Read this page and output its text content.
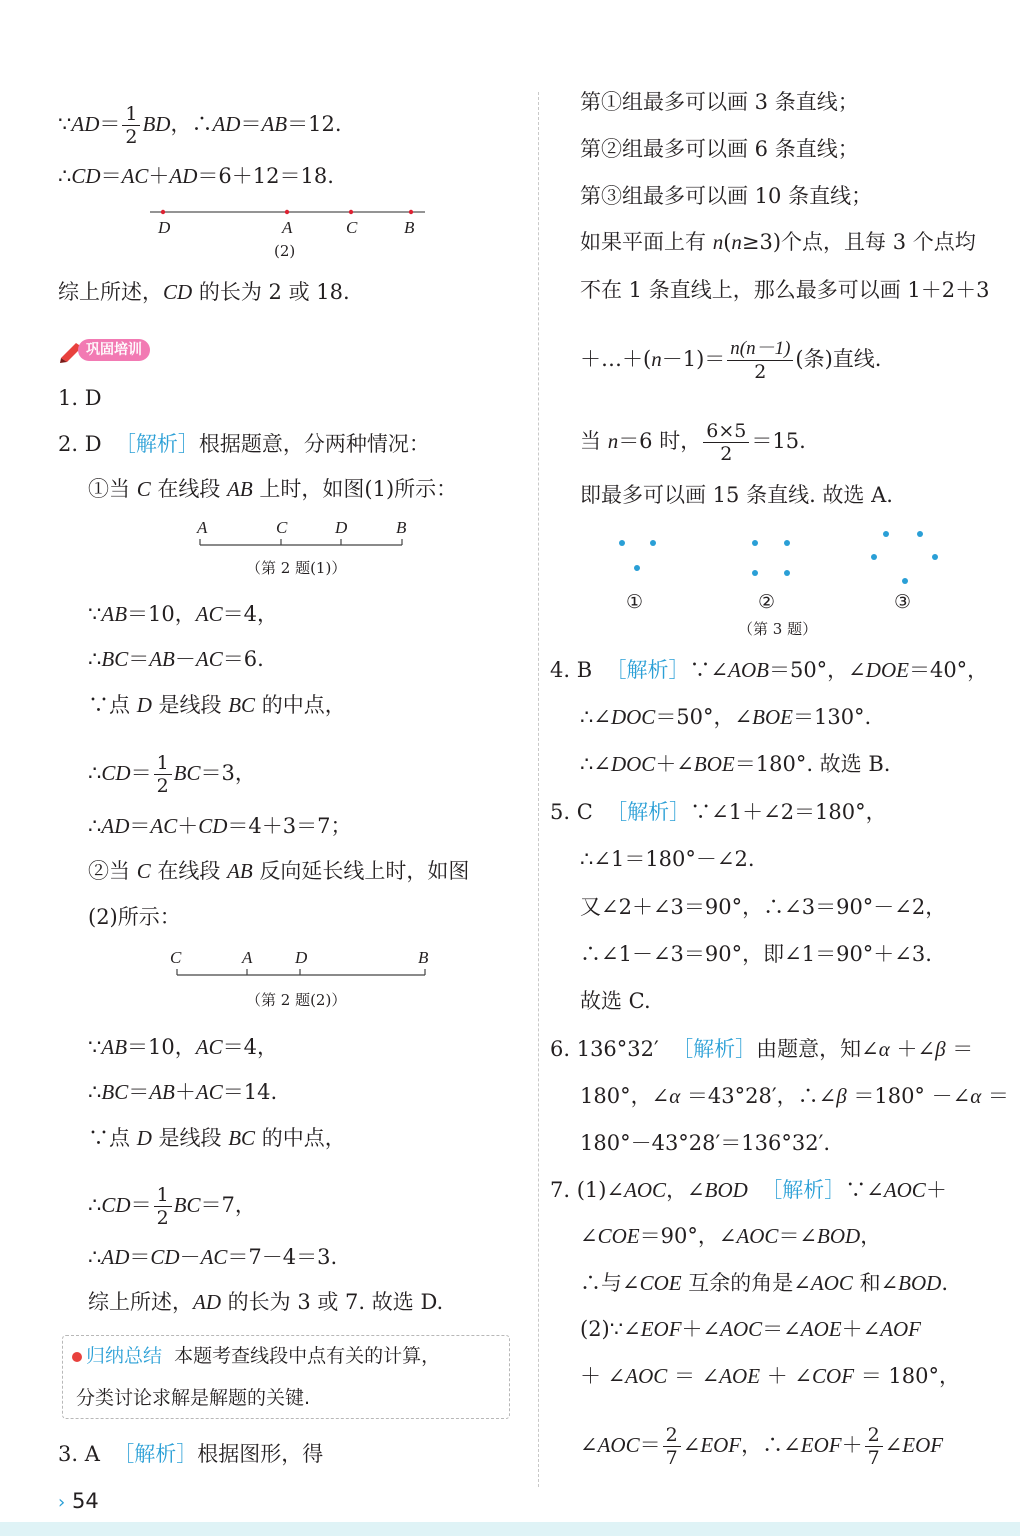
∵AD＝ $\frac{1}{2}$ BD，∴AD＝AB＝12.
∴CD＝AC＋AD＝6＋12＝18.
D	A	C	B
(2)
综上所述，CD 的长为 2 或 18.
巩固培训
1. D
2. D ［解析］根据题意，分两种情况：
①当 C 在线段 AB 上时，如图(1)所示：
A	C	D	B
（第 2 题(1)）
∵AB＝10，AC＝4，
∴BC＝AB－AC＝6.
∵点 D 是线段 BC 的中点，
∴CD＝ $\frac{1}{2} BC=3$，
∴AD＝AC＋CD＝4＋3＝7；
②当 C 在线段 AB 反向延长线上时，如图
(2)所示：
C	A	D	B
（第 2 题(2)）
∵AB＝10，AC＝4，
∴BC＝AB＋AC＝14.
∵点 D 是线段 BC 的中点，
∴CD＝ $\frac{1}{2} BC=7$，
∴AD＝CD－AC＝7－4＝3.
综上所述，AD 的长为 3 或 7. 故选 D.
归纳总结 本题考查线段中点有关的计算，
分类讨论求解是解题的关键.
3. A ［解析］根据图形，得
› 54
第①组最多可以画 3 条直线；
第②组最多可以画 6 条直线；
第③组最多可以画 10 条直线；
如果平面上有 n(n≥3)个点，且每 3 个点均
不在 1 条直线上，那么最多可以画 1＋2＋3
＋…＋(n－1)＝ $\frac{n(n-1)}{2}$ (条)直线.
当 n＝6 时， $\frac{6\times 5}{2} =15$.
即最多可以画 15 条直线. 故选 A.
①	②	③
（第 3 题）
4. B ［解析］∵∠AOB＝50°，∠DOE＝40°，
∴∠DOC＝50°，∠BOE＝130°.
∴∠DOC＋∠BOE＝180°. 故选 B.
5. C ［解析］∵∠1＋∠2＝180°，
∴∠1＝180°－∠2.
又∠2＋∠3＝90°，∴∠3＝90°－∠2，
∴∠1－∠3＝90°，即∠1＝90°＋∠3.
故选 C.
6. 136°32′ ［解析］由题意，知∠α ＋∠β ＝
180°，∠α ＝43°28′，∴∠β ＝180° －∠α ＝
180°－43°28′＝136°32′.
7. (1)∠AOC，∠BOD ［解析］∵∠AOC＋
∠COE＝90°，∠AOC＝∠BOD，
∴与∠COE 互余的角是∠AOC 和∠BOD.
(2)∵∠EOF＋∠AOC＝∠AOE＋∠AOF
＋ ∠AOC ＝ ∠AOE ＋ ∠COF ＝ 180°，
∠AOC＝ $\frac{2}{7}$ ∠EOF，∴∠EOF＋ $\frac{2}{7}$ ∠EOF
